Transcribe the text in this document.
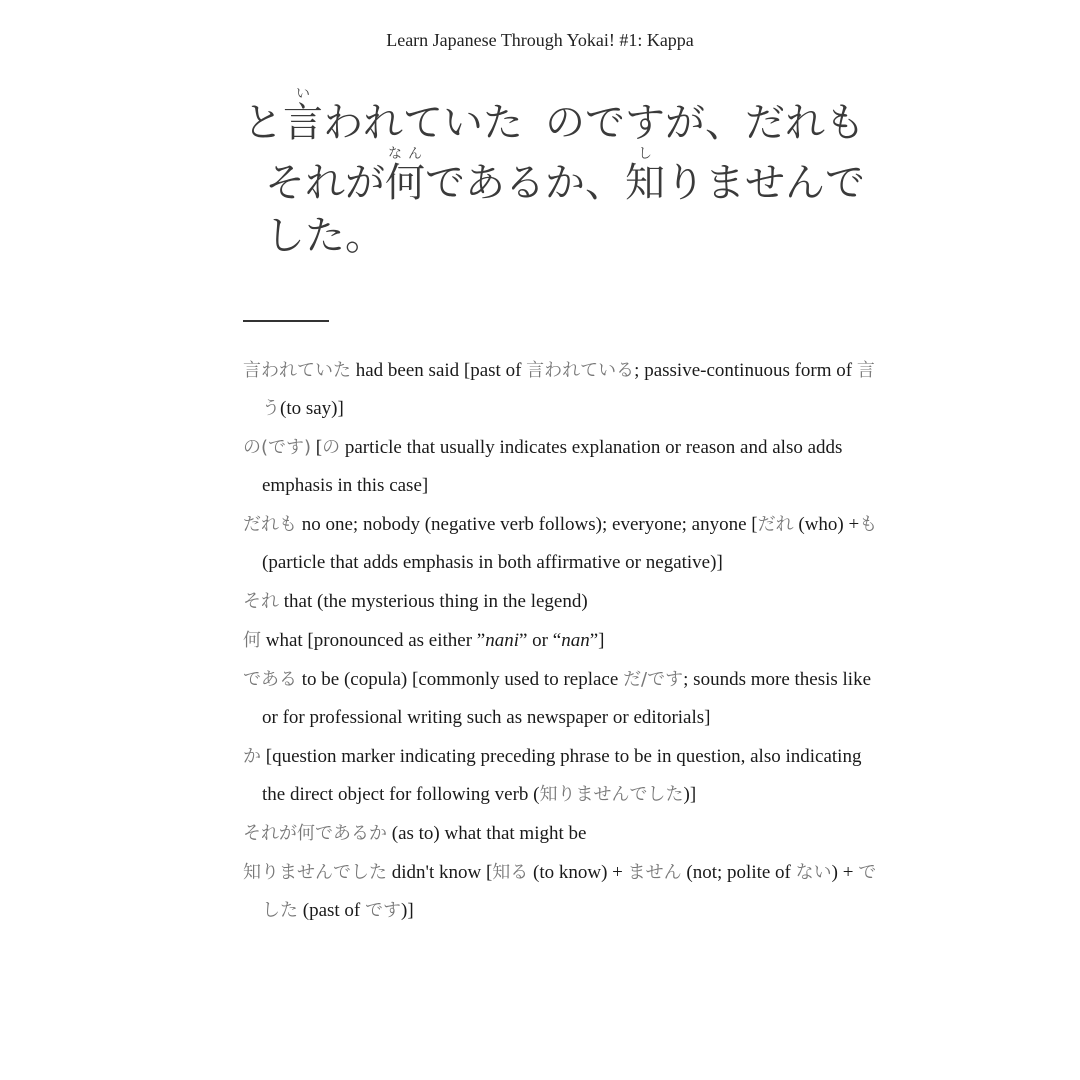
Learn Japanese Through Yokai! #1: Kappa
と言いわれていた のですが、だれも
それが何なんであるか、知しりませんで
した。
言われていた had been said [past of 言われている; passive-continuous form of 言う(to say)]
の(です) [の particle that usually indicates explanation or reason and also adds emphasis in this case]
だれも no one; nobody (negative verb follows); everyone; anyone [だれ (who) +も (particle that adds emphasis in both affirmative or negative)]
それ that (the mysterious thing in the legend)
何 what [pronounced as either ”nani” or “nan”]
である to be (copula) [commonly used to replace だ/です; sounds more thesis like or for professional writing such as newspaper or editorials]
か [question marker indicating preceding phrase to be in question, also indicating the direct object for following verb (知りませんでした)]
それが何であるか (as to) what that might be
知りませんでした didn't know [知る (to know) + ません (not; polite of ない) + でした (past of です)]
